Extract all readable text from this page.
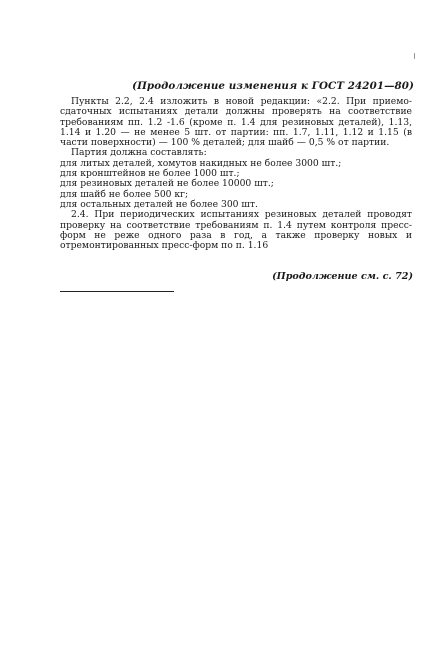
(Продолжение изменения к ГОСТ 24201—80)

Пункты 2.2, 2.4 изложить в новой редакции: «2.2. При приемо-сдаточных испытаниях детали должны проверять на соответствие требованиям пп. 1.2 -1.6 (кроме п. 1.4 для резиновых деталей), 1.13, 1.14 и 1.20 — не менее 5 шт. от партии: пп. 1.7, 1.11, 1.12 и 1.15 (в части поверхности) — 100 % деталей; для шайб — 0,5 % от партии.

Партия должна составлять:

для литых деталей, хомутов накидных не более 3000 шт.;

для кронштейнов не более 1000 шт.;

для резиновых деталей не более 10000 шт.;

для шайб не более 500 кг;

для остальных деталей не более 300 шт.

2.4. При периодических испытаниях резиновых деталей проводят проверку на соответствие требованиям п. 1.4 путем контроля пресс-форм не реже одного раза в год, а также проверку новых и отремонтированных пресс-форм по п. 1.16

(Продолжение см. с. 72)
